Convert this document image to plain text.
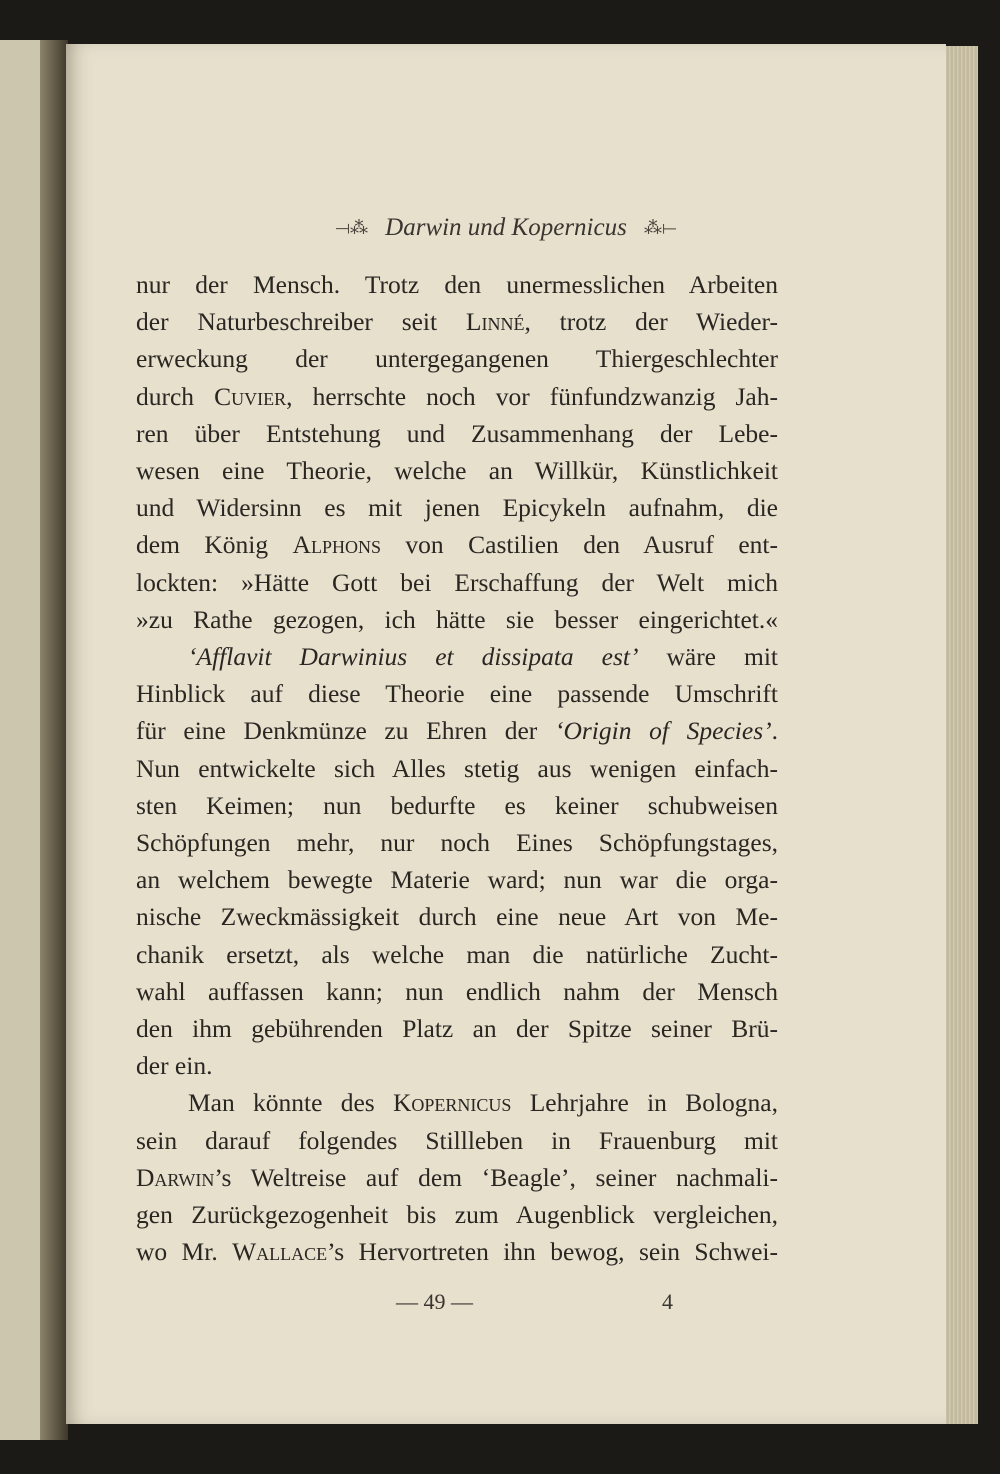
⟞⁂ Darwin und Kopernicus ⁂⟝
nur der Mensch. Trotz den unermesslichen Arbeiten
der Naturbeschreiber seit Linné, trotz der Wieder-
erweckung der untergegangenen Thiergeschlechter
durch Cuvier, herrschte noch vor fünfundzwanzig Jah-
ren über Entstehung und Zusammenhang der Lebe-
wesen eine Theorie, welche an Willkür, Künstlichkeit
und Widersinn es mit jenen Epicykeln aufnahm, die
dem König Alphons von Castilien den Ausruf ent-
lockten: »Hätte Gott bei Erschaffung der Welt mich
»zu Rathe gezogen, ich hätte sie besser eingerichtet.«
‘Afflavit Darwinius et dissipata est’ wäre mit
Hinblick auf diese Theorie eine passende Umschrift
für eine Denkmünze zu Ehren der ‘Origin of Species’.
Nun entwickelte sich Alles stetig aus wenigen einfach-
sten Keimen; nun bedurfte es keiner schubweisen
Schöpfungen mehr, nur noch Eines Schöpfungstages,
an welchem bewegte Materie ward; nun war die orga-
nische Zweckmässigkeit durch eine neue Art von Me-
chanik ersetzt, als welche man die natürliche Zucht-
wahl auffassen kann; nun endlich nahm der Mensch
den ihm gebührenden Platz an der Spitze seiner Brü-
der ein.
Man könnte des Kopernicus Lehrjahre in Bologna,
sein darauf folgendes Stillleben in Frauenburg mit
Darwin’s Weltreise auf dem ‘Beagle’, seiner nachmali-
gen Zurückgezogenheit bis zum Augenblick vergleichen,
wo Mr. Wallace’s Hervortreten ihn bewog, sein Schwei-
— 49 —	4
